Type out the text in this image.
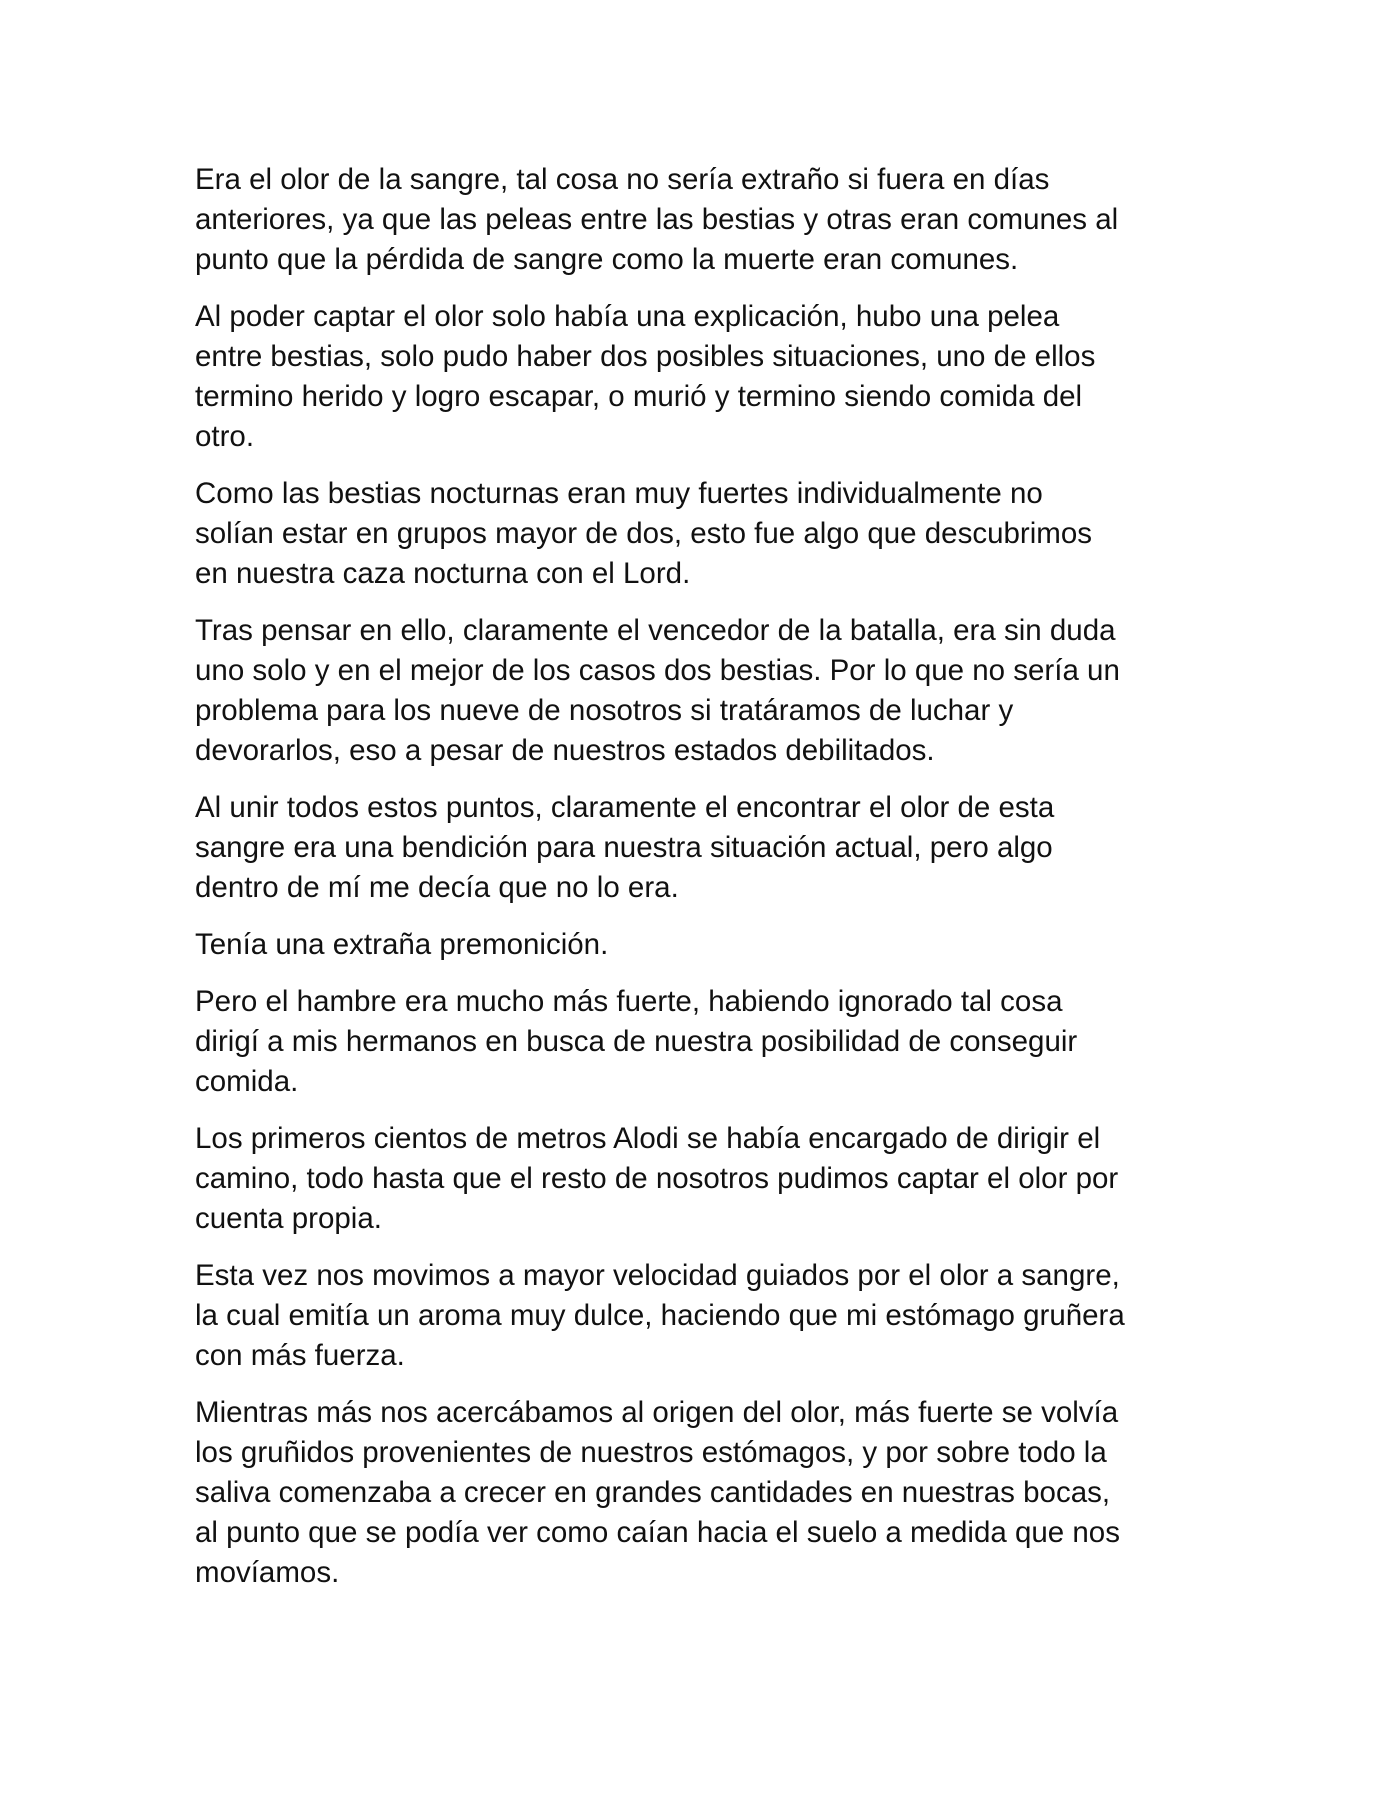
Era el olor de la sangre, tal cosa no sería extraño si fuera en días
anteriores, ya que las peleas entre las bestias y otras eran comunes al
punto que la pérdida de sangre como la muerte eran comunes.

Al poder captar el olor solo había una explicación, hubo una pelea
entre bestias, solo pudo haber dos posibles situaciones, uno de ellos
termino herido y logro escapar, o murió y termino siendo comida del
otro.

Como las bestias nocturnas eran muy fuertes individualmente no
solían estar en grupos mayor de dos, esto fue algo que descubrimos
en nuestra caza nocturna con el Lord.

Tras pensar en ello, claramente el vencedor de la batalla, era sin duda
uno solo y en el mejor de los casos dos bestias. Por lo que no sería un
problema para los nueve de nosotros si tratáramos de luchar y
devorarlos, eso a pesar de nuestros estados debilitados.

Al unir todos estos puntos, claramente el encontrar el olor de esta
sangre era una bendición para nuestra situación actual, pero algo
dentro de mí me decía que no lo era.

Tenía una extraña premonición.

Pero el hambre era mucho más fuerte, habiendo ignorado tal cosa
dirigí a mis hermanos en busca de nuestra posibilidad de conseguir
comida.

Los primeros cientos de metros Alodi se había encargado de dirigir el
camino, todo hasta que el resto de nosotros pudimos captar el olor por
cuenta propia.

Esta vez nos movimos a mayor velocidad guiados por el olor a sangre,
la cual emitía un aroma muy dulce, haciendo que mi estómago gruñera
con más fuerza.

Mientras más nos acercábamos al origen del olor, más fuerte se volvía
los gruñidos provenientes de nuestros estómagos, y por sobre todo la
saliva comenzaba a crecer en grandes cantidades en nuestras bocas,
al punto que se podía ver como caían hacia el suelo a medida que nos
movíamos.
